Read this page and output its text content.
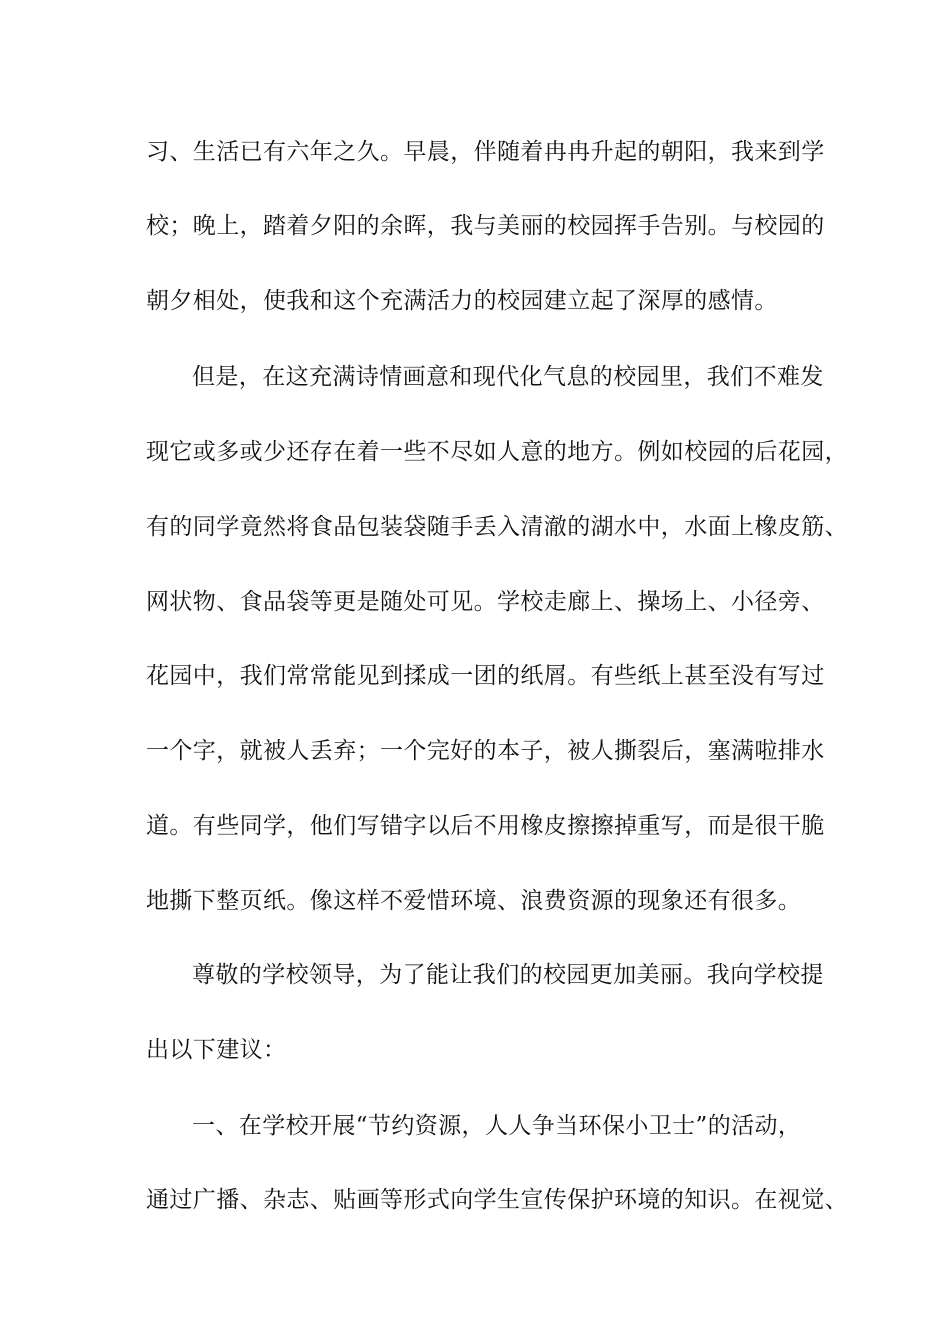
习、生活已有六年之久。早晨，伴随着冉冉升起的朝阳，我来到学
校；晚上，踏着夕阳的余晖，我与美丽的校园挥手告别。与校园的
朝夕相处，使我和这个充满活力的校园建立起了深厚的感情。
但是，在这充满诗情画意和现代化气息的校园里，我们不难发
现它或多或少还存在着一些不尽如人意的地方。例如校园的后花园，
有的同学竟然将食品包装袋随手丢入清澈的湖水中，水面上橡皮筋、
网状物、食品袋等更是随处可见。学校走廊上、操场上、小径旁、
花园中，我们常常能见到揉成一团的纸屑。有些纸上甚至没有写过
一个字，就被人丢弃；一个完好的本子，被人撕裂后，塞满啦排水
道。有些同学，他们写错字以后不用橡皮擦擦掉重写，而是很干脆
地撕下整页纸。像这样不爱惜环境、浪费资源的现象还有很多。
尊敬的学校领导，为了能让我们的校园更加美丽。我向学校提
出以下建议：
一、在学校开展“节约资源，人人争当环保小卫士”的活动，
通过广播、杂志、贴画等形式向学生宣传保护环境的知识。在视觉、
